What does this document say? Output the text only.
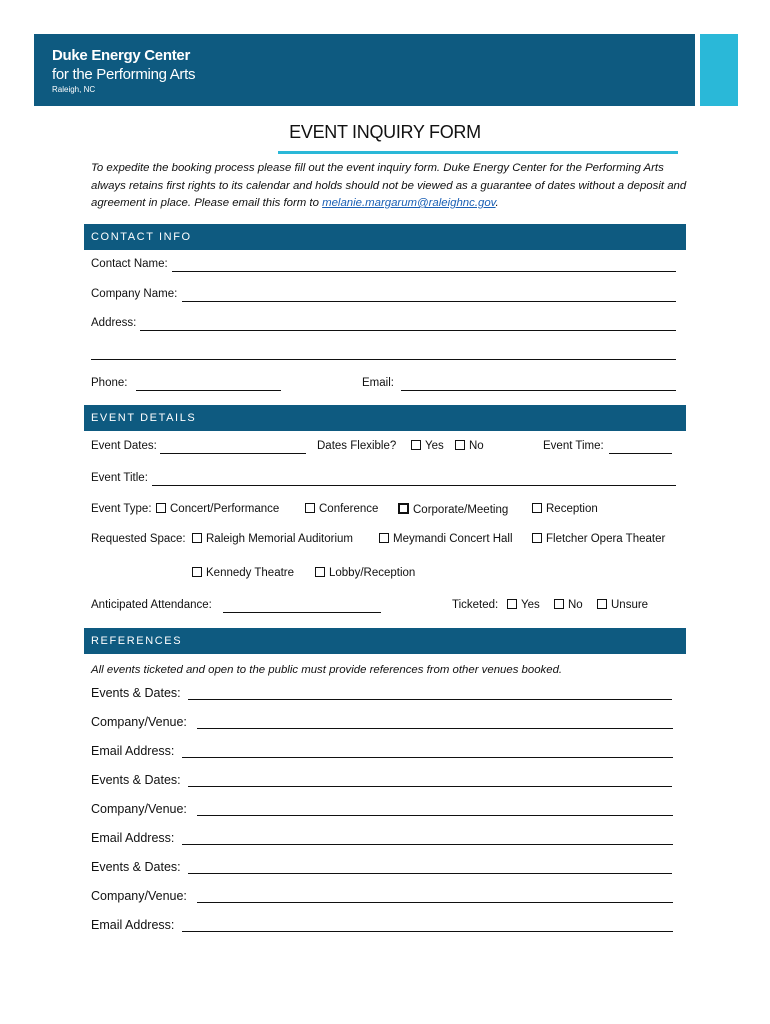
Duke Energy Center
for the Performing Arts
Raleigh, NC
EVENT INQUIRY FORM
To expedite the booking process please fill out the event inquiry form. Duke Energy Center for the Performing Arts always retains first rights to its calendar and holds should not be viewed as a guarantee of dates without a deposit and agreement in place. Please email this form to melanie.margarum@raleighnc.gov.
CONTACT INFO
Contact Name:
Company Name:
Address:
Phone:	Email:
EVENT DETAILS
Event Dates:	Dates Flexible?	Yes	No	Event Time:
Event Title:
Event Type:	Concert/Performance	Conference	Corporate/Meeting	Reception
Requested Space:	Raleigh Memorial Auditorium	Meymandi Concert Hall	Fletcher Opera Theater
Kennedy Theatre	Lobby/Reception
Anticipated Attendance:	Ticketed:	Yes	No	Unsure
REFERENCES
All events ticketed and open to the public must provide references from other venues booked.
Events & Dates:
Company/Venue:
Email Address:
Events & Dates:
Company/Venue:
Email Address:
Events & Dates:
Company/Venue:
Email Address:
